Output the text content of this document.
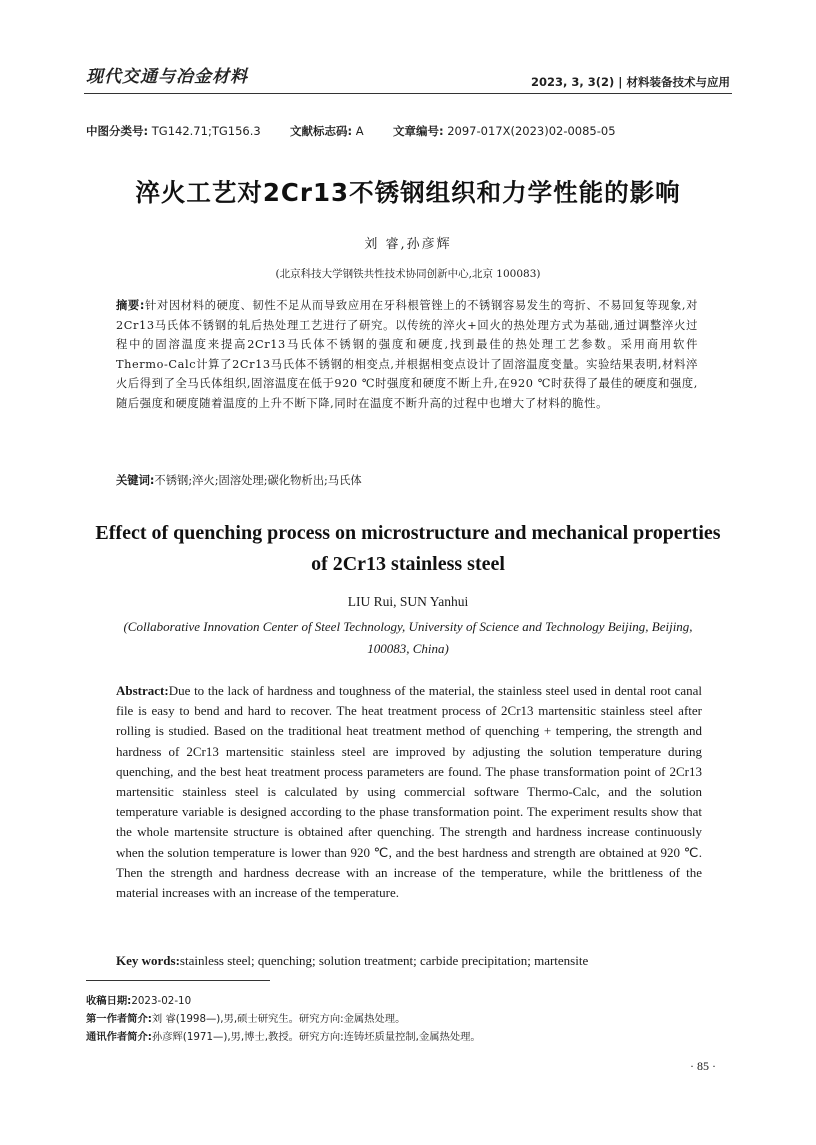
现代交通与冶金材料	2023, 3, 3(2) | 材料装备技术与应用
中图分类号: TG142.71;TG156.3	文献标志码: A	文章编号: 2097-017X(2023)02-0085-05
淬火工艺对2Cr13不锈钢组织和力学性能的影响
刘 睿,孙彦辉
(北京科技大学钢铁共性技术协同创新中心,北京 100083)
摘要:针对因材料的硬度、韧性不足从而导致应用在牙科根管锉上的不锈钢容易发生的弯折、不易回复等现象,对2Cr13马氏体不锈钢的轧后热处理工艺进行了研究。以传统的淬火+回火的热处理方式为基础,通过调整淬火过程中的固溶温度来提高2Cr13马氏体不锈钢的强度和硬度,找到最佳的热处理工艺参数。采用商用软件Thermo-Calc计算了2Cr13马氏体不锈钢的相变点,并根据相变点设计了固溶温度变量。实验结果表明,材料淬火后得到了全马氏体组织,固溶温度在低于920 ℃时强度和硬度不断上升,在920 ℃时获得了最佳的硬度和强度,随后强度和硬度随着温度的上升不断下降,同时在温度不断升高的过程中也增大了材料的脆性。
关键词:不锈钢;淬火;固溶处理;碳化物析出;马氏体
Effect of quenching process on microstructure and mechanical properties of 2Cr13 stainless steel
LIU Rui, SUN Yanhui
(Collaborative Innovation Center of Steel Technology, University of Science and Technology Beijing, Beijing, 100083, China)
Abstract:Due to the lack of hardness and toughness of the material, the stainless steel used in dental root canal file is easy to bend and hard to recover. The heat treatment process of 2Cr13 martensitic stainless steel after rolling is studied. Based on the traditional heat treatment method of quenching + tempering, the strength and hardness of 2Cr13 martensitic stainless steel are improved by adjusting the solution temperature during quenching, and the best heat treatment process parameters are found. The phase transformation point of 2Cr13 martensitic stainless steel is calculated by using commercial software Thermo-Calc, and the solution temperature variable is designed according to the phase transformation point. The experiment results show that the whole martensite structure is obtained after quenching. The strength and hardness increase continuously when the solution temperature is lower than 920 ℃, and the best hardness and strength are obtained at 920 ℃. Then the strength and hardness decrease with an increase of the temperature, while the brittleness of the material increases with an increase of the temperature.
Key words:stainless steel; quenching; solution treatment; carbide precipitation; martensite
收稿日期:2023-02-10
第一作者简介:刘 睿(1998—),男,硕士研究生。研究方向:金属热处理。
通讯作者简介:孙彦辉(1971—),男,博士,教授。研究方向:连铸坯质量控制,金属热处理。
· 85 ·
